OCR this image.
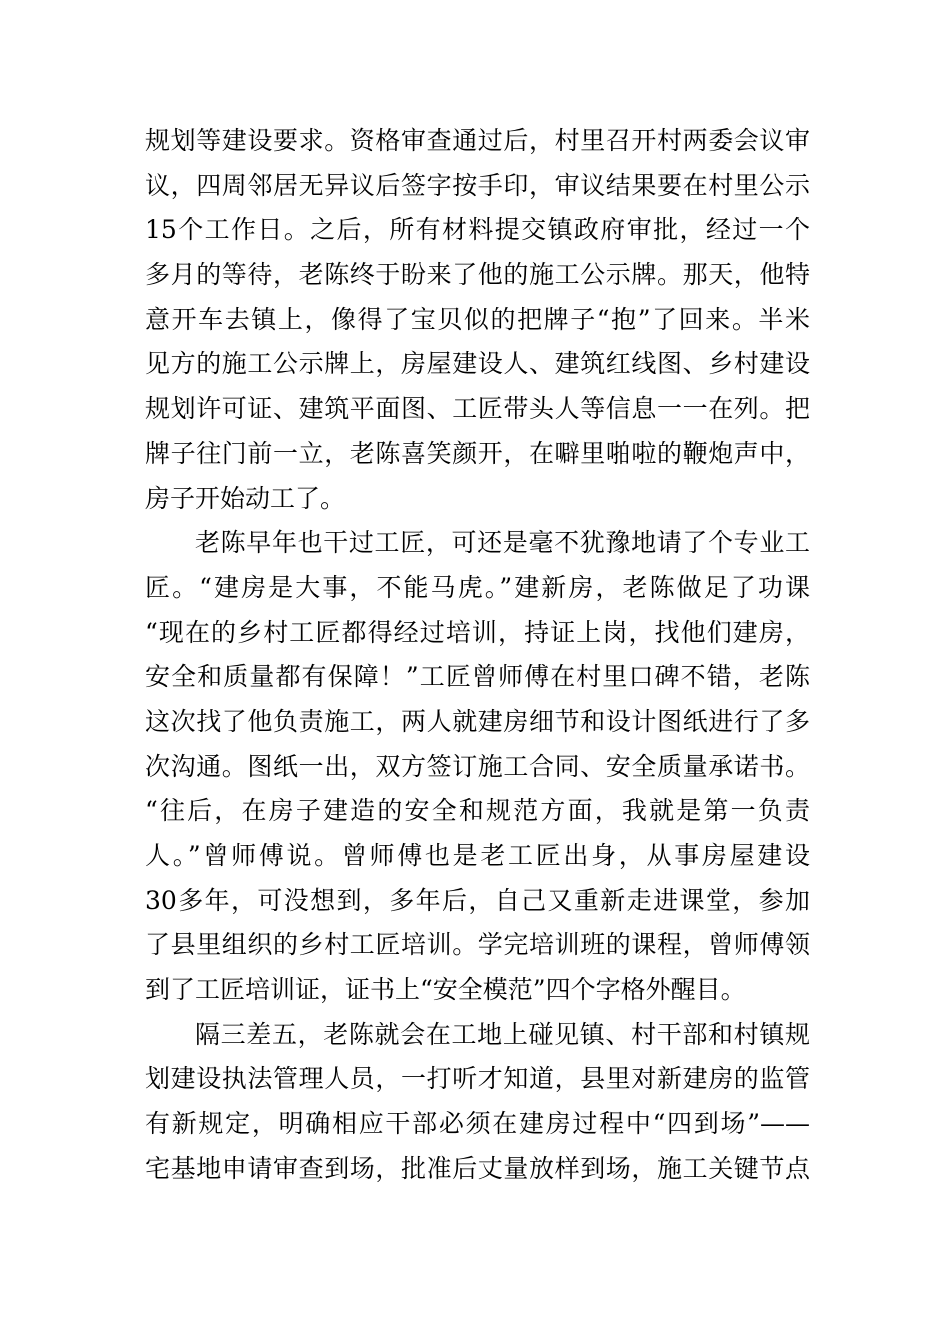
规划等建设要求。资格审查通过后，村里召开村两委会议审
议，四周邻居无异议后签字按手印，审议结果要在村里公示
15个工作日。之后，所有材料提交镇政府审批，经过一个
多月的等待，老陈终于盼来了他的施工公示牌。那天，他特
意开车去镇上，像得了宝贝似的把牌子“抱”了回来。半米
见方的施工公示牌上，房屋建设人、建筑红线图、乡村建设
规划许可证、建筑平面图、工匠带头人等信息一一在列。把
牌子往门前一立，老陈喜笑颜开，在噼里啪啦的鞭炮声中，
房子开始动工了。
老陈早年也干过工匠，可还是毫不犹豫地请了个专业工
匠。“建房是大事，不能马虎。”建新房，老陈做足了功课
“现在的乡村工匠都得经过培训，持证上岗，找他们建房，
安全和质量都有保障！”工匠曾师傅在村里口碑不错，老陈
这次找了他负责施工，两人就建房细节和设计图纸进行了多
次沟通。图纸一出，双方签订施工合同、安全质量承诺书。
“往后，在房子建造的安全和规范方面，我就是第一负责
人。”曾师傅说。曾师傅也是老工匠出身，从事房屋建设
30多年，可没想到，多年后，自己又重新走进课堂，参加
了县里组织的乡村工匠培训。学完培训班的课程，曾师傅领
到了工匠培训证，证书上“安全模范”四个字格外醒目。
隔三差五，老陈就会在工地上碰见镇、村干部和村镇规
划建设执法管理人员，一打听才知道，县里对新建房的监管
有新规定，明确相应干部必须在建房过程中“四到场”——
宅基地申请审查到场，批准后丈量放样到场，施工关键节点
